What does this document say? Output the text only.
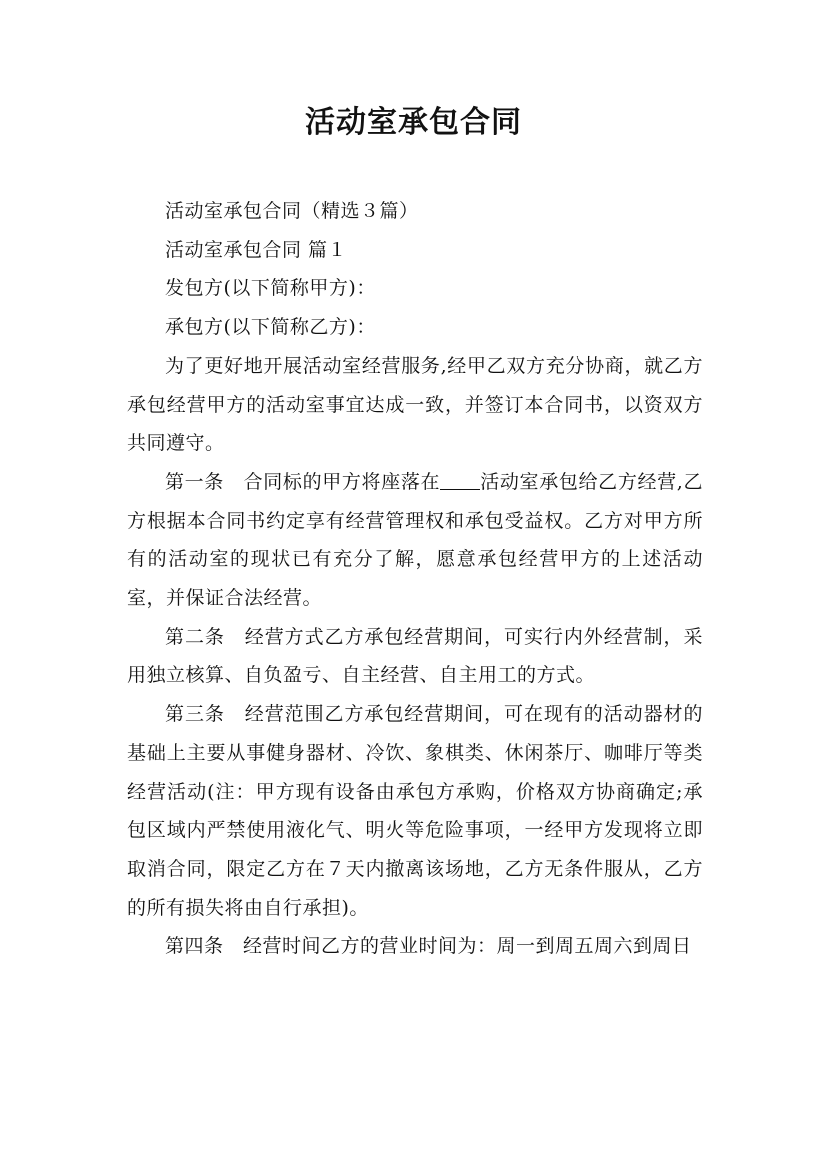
活动室承包合同

活动室承包合同（精选３篇）

活动室承包合同 篇１

发包方(以下简称甲方)：

承包方(以下简称乙方)：

为了更好地开展活动室经营服务,经甲乙双方充分协商，就乙方承包经营甲方的活动室事宜达成一致，并签订本合同书，以资双方共同遵守。

第一条　合同标的甲方将座落在 活动室承包给乙方经营,乙方根据本合同书约定享有经营管理权和承包受益权。乙方对甲方所有的活动室的现状已有充分了解，愿意承包经营甲方的上述活动室，并保证合法经营。

第二条　经营方式乙方承包经营期间，可实行内外经营制，采用独立核算、自负盈亏、自主经营、自主用工的方式。

第三条　经营范围乙方承包经营期间，可在现有的活动器材的基础上主要从事健身器材、冷饮、象棋类、休闲茶厅、咖啡厅等类经营活动(注：甲方现有设备由承包方承购，价格双方协商确定;承包区域内严禁使用液化气、明火等危险事项，一经甲方发现将立即取消合同，限定乙方在７天内撤离该场地，乙方无条件服从，乙方的所有损失将由自行承担)。

第四条　经营时间乙方的营业时间为：周一到周五周六到周日
